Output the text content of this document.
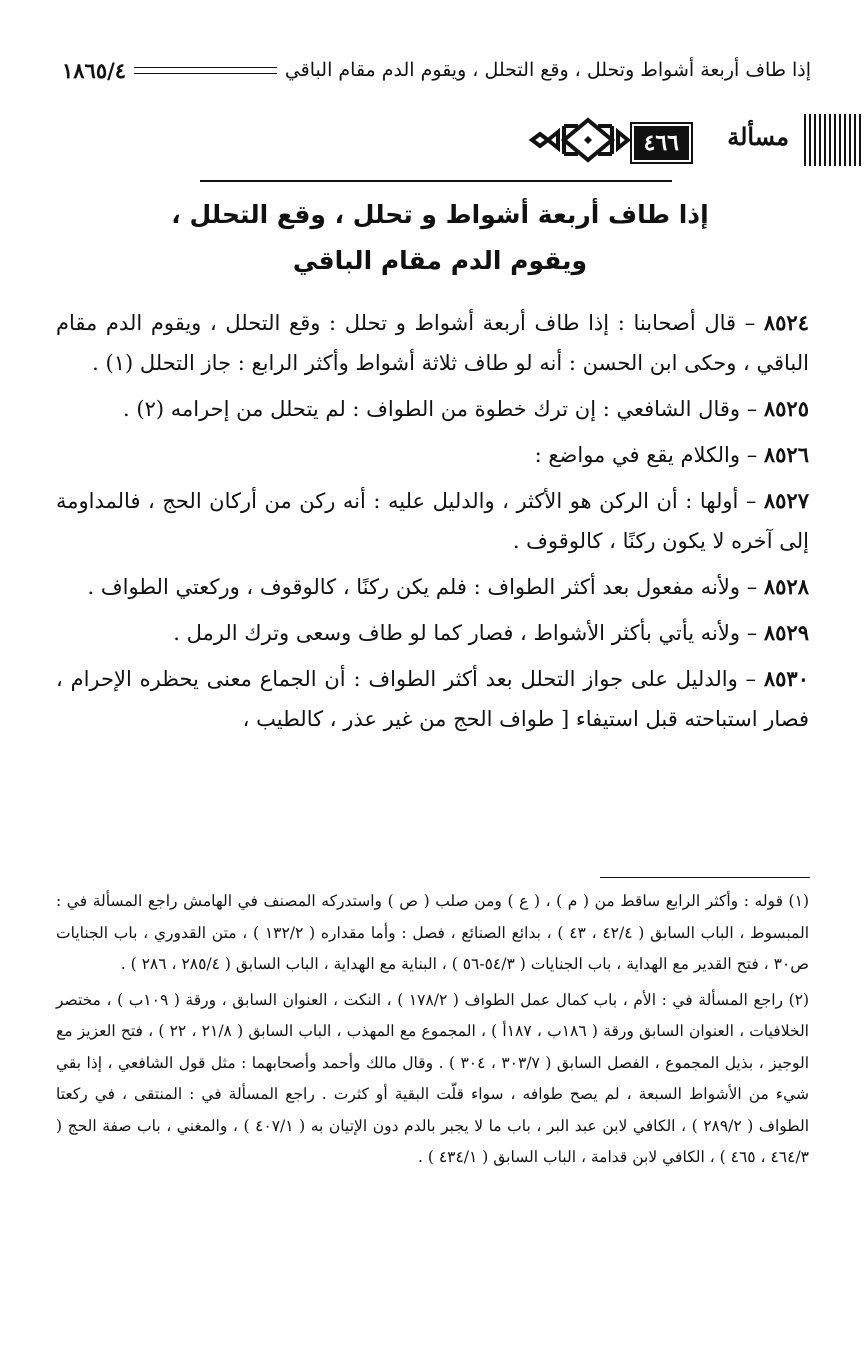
إذا طاف أربعة أشواط وتحلل ، وقع التحلل ، ويقوم الدم مقام الباقي
١٨٦٥/٤
مسألة
٤٦٦
إذا طاف أربعة أشواط و تحلل ، وقع التحلل ،
ويقوم الدم مقام الباقي

٨٥٢٤ – قال أصحابنا : إذا طاف أربعة أشواط و تحلل : وقع التحلل ، ويقوم الدم مقام الباقي ، وحكى ابن الحسن : أنه لو طاف ثلاثة أشواط وأكثر الرابع : جاز التحلل (١) .

٨٥٢٥ – وقال الشافعي : إن ترك خطوة من الطواف : لم يتحلل من إحرامه (٢) .

٨٥٢٦ – والكلام يقع في مواضع :

٨٥٢٧ – أولها : أن الركن هو الأكثر ، والدليل عليه : أنه ركن من أركان الحج ، فالمداومة إلى آخره لا يكون ركنًا ، كالوقوف .

٨٥٢٨ – ولأنه مفعول بعد أكثر الطواف : فلم يكن ركنًا ، كالوقوف ، وركعتي الطواف .

٨٥٢٩ – ولأنه يأتي بأكثر الأشواط ، فصار كما لو طاف وسعى وترك الرمل .

٨٥٣٠ – والدليل على جواز التحلل بعد أكثر الطواف : أن الجماع معنى يحظره الإحرام ، فصار استباحته قبل استيفاء [ طواف الحج من غير عذر ، كالطيب ،

(١) قوله : وأكثر الرابع ساقط من ( م ) ، ( ع ) ومن صلب ( ص ) واستدركه المصنف في الهامش راجع المسألة في : المبسوط ، الباب السابق ( ٤٢/٤ ، ٤٣ ) ، بدائع الصنائع ، فصل : وأما مقداره ( ١٣٢/٢ ) ، متن القدوري ، باب الجنايات ص٣٠ ، فتح القدير مع الهداية ، باب الجنايات ( ٥٤/٣-٥٦ ) ، البناية مع الهداية ، الباب السابق ( ٢٨٥/٤ ، ٢٨٦ ) .

(٢) راجع المسألة في : الأم ، باب كمال عمل الطواف ( ١٧٨/٢ ) ، النكت ، العنوان السابق ، ورقة ( ١٠٩ب ) ، مختصر الخلافيات ، العنوان السابق ورقة ( ١٨٦ب ، ١٨٧أ ) ، المجموع مع المهذب ، الباب السابق ( ٢١/٨ ، ٢٢ ) ، فتح العزيز مع الوجيز ، بذيل المجموع ، الفصل السابق ( ٣٠٣/٧ ، ٣٠٤ ) . وقال مالك وأحمد وأصحابهما : مثل قول الشافعي ، إذا بقي شيء من الأشواط السبعة ، لم يصح طوافه ، سواء قلّت البقية أو كثرت . راجع المسألة في : المنتقى ، في ركعتا الطواف ( ٢٨٩/٢ ) ، الكافي لابن عبد البر ، باب ما لا يجبر بالدم دون الإتيان به ( ٤٠٧/١ ) ، والمغني ، باب صفة الحج ( ٤٦٤/٣ ، ٤٦٥ ) ، الكافي لابن قدامة ، الباب السابق ( ٤٣٤/١ ) .
